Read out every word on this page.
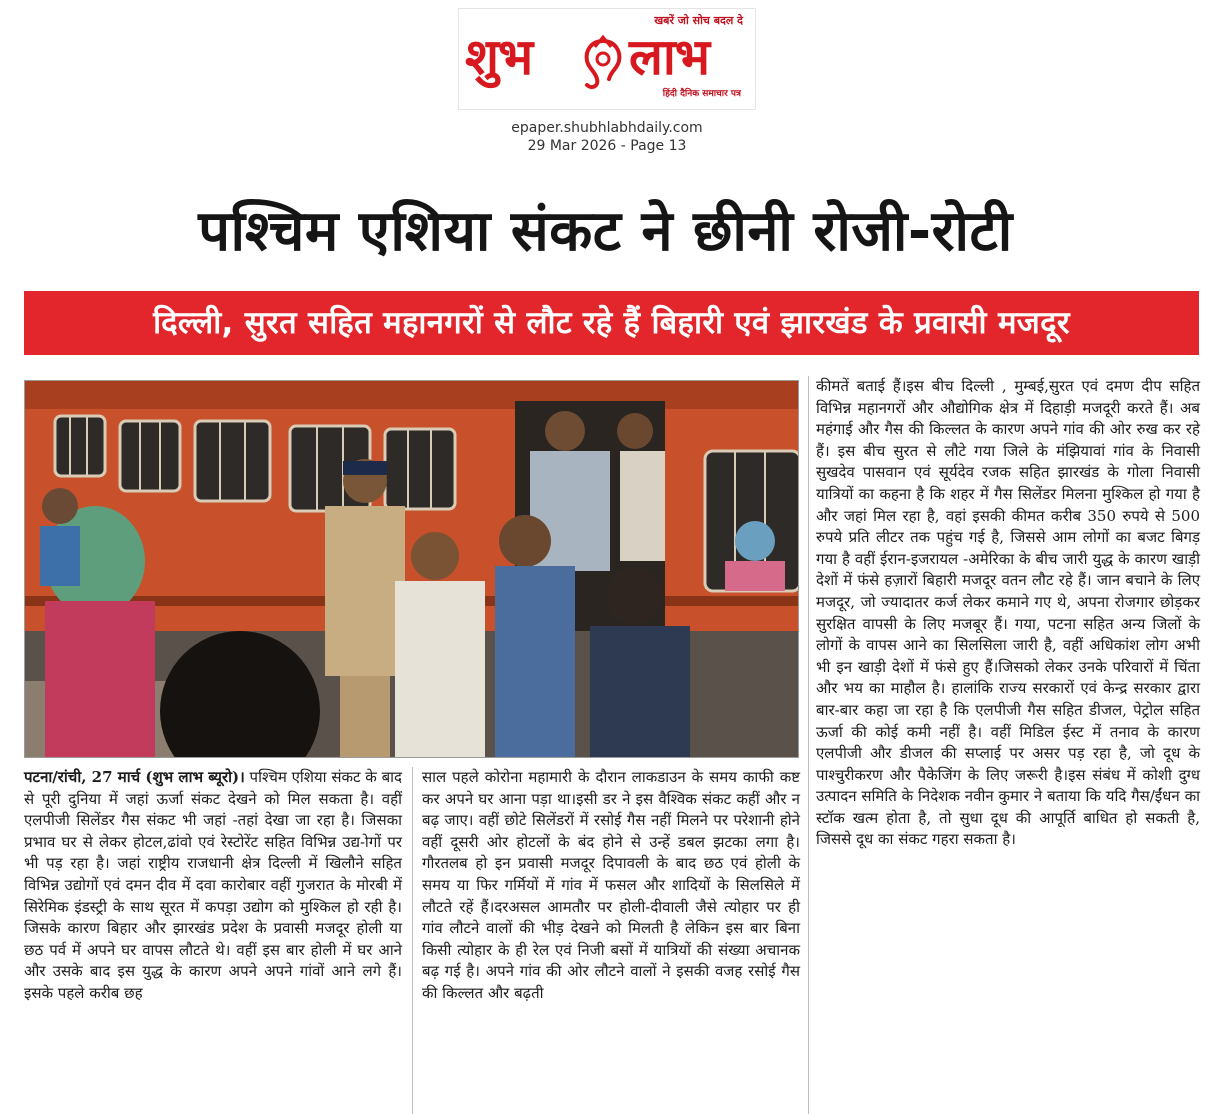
खबरें जो सोच बदल दे
शुभ लाभ
हिंदी दैनिक समाचार पत्र
epaper.shubhlabhdaily.com
29 Mar 2026 - Page 13
पश्चिम एशिया संकट ने छीनी रोजी-रोटी
दिल्ली, सुरत सहित महानगरों से लौट रहे हैं बिहारी एवं झारखंड के प्रवासी मजदूर

पटना/रांची, 27 मार्च (शुभ लाभ ब्यूरो)। पश्चिम एशिया संकट के बाद से पूरी दुनिया में जहां ऊर्जा संकट देखने को मिल सकता है। वहीं एलपीजी सिलेंडर गैस संकट भी जहां -तहां देखा जा रहा है। जिसका प्रभाव घर से लेकर होटल,ढांवो एवं रेस्टोरेंट सहित विभिन्न उद्य-ोगों पर भी पड़ रहा है। जहां राष्ट्रीय राजधानी क्षेत्र दिल्ली में खिलौने सहित विभिन्न उद्योगों एवं दमन दीव में दवा कारोबार वहीं गुजरात के मोरबी में सिरेमिक इंडस्ट्री के साथ सूरत में कपड़ा उद्योग को मुश्किल हो रही है। जिसके कारण बिहार और झारखंड प्रदेश के प्रवासी मजदूर होली या छठ पर्व में अपने घर वापस लौटते थे। वहीं इस बार होली में घर आने और उसके बाद इस युद्ध के कारण अपने अपने गांवों आने लगे हैं। इसके पहले करीब छह

साल पहले कोरोना महामारी के दौरान लाकडाउन के समय काफी कष्ट कर अपने घर आना पड़ा था।इसी डर ने इस वैश्विक संकट कहीं और न बढ़ जाए। वहीं छोटे सिलेंडरों में रसोई गैस नहीं मिलने पर परेशानी होने वहीं दूसरी ओर होटलों के बंद होने से उन्हें डबल झटका लगा है। गौरतलब हो इन प्रवासी मजदूर दिपावली के बाद छठ एवं होली के समय या फिर गर्मियों में गांव में फसल और शादियों के सिलसिले में लौटते रहें हैं।दरअसल आमतौर पर होली-दीवाली जैसे त्योहार पर ही गांव लौटने वालों की भीड़ देखने को मिलती है लेकिन इस बार बिना किसी त्योहार के ही रेल एवं निजी बसों में यात्रियों की संख्या अचानक बढ़ गई है। अपने गांव की ओर लौटने वालों ने इसकी वजह रसोई गैस की किल्लत और बढ़ती

कीमतें बताई हैं।इस बीच दिल्ली , मुम्बई,सुरत एवं दमण दीप सहित विभिन्न महानगरों और औद्योगिक क्षेत्र में दिहाड़ी मजदूरी करते हैं। अब महंगाई और गैस की किल्लत के कारण अपने गांव की ओर रुख कर रहे हैं। इस बीच सुरत से लौटे गया जिले के मंझियावां गांव के निवासी सुखदेव पासवान एवं सूर्यदेव रजक सहित झारखंड के गोला निवासी यात्रियों का कहना है कि शहर में गैस सिलेंडर मिलना मुश्किल हो गया है और जहां मिल रहा है, वहां इसकी कीमत करीब 350 रुपये से 500 रुपये प्रति लीटर तक पहुंच गई है, जिससे आम लोगों का बजट बिगड़ गया है वहीं ईरान-इजरायल -अमेरिका के बीच जारी युद्ध के कारण खाड़ी देशों में फंसे हज़ारों बिहारी मजदूर वतन लौट रहे हैं। जान बचाने के लिए मजदूर, जो ज्यादातर कर्ज लेकर कमाने गए थे, अपना रोजगार छोड़कर सुरक्षित वापसी के लिए मजबूर हैं। गया, पटना सहित अन्य जिलों के लोगों के वापस आने का सिलसिला जारी है, वहीं अधिकांश लोग अभी भी इन खाड़ी देशों में फंसे हुए हैं।जिसको लेकर उनके परिवारों में चिंता और भय का माहौल है। हालांकि राज्य सरकारों एवं केन्द्र सरकार द्वारा बार-बार कहा जा रहा है कि एलपीजी गैस सहित डीजल, पेट्रोल सहित ऊर्जा की कोई कमी नहीं है। वहीं मिडिल ईस्ट में तनाव के कारण एलपीजी और डीजल की सप्लाई पर असर पड़ रहा है, जो दूध के पाश्चुरीकरण और पैकेजिंग के लिए जरूरी है।इस संबंध में कोशी दुग्ध उत्पादन समिति के निदेशक नवीन कुमार ने बताया कि यदि गैस/ईंधन का स्टॉक खत्म होता है, तो सुधा दूध की आपूर्ति बाधित हो सकती है, जिससे दूध का संकट गहरा सकता है।
